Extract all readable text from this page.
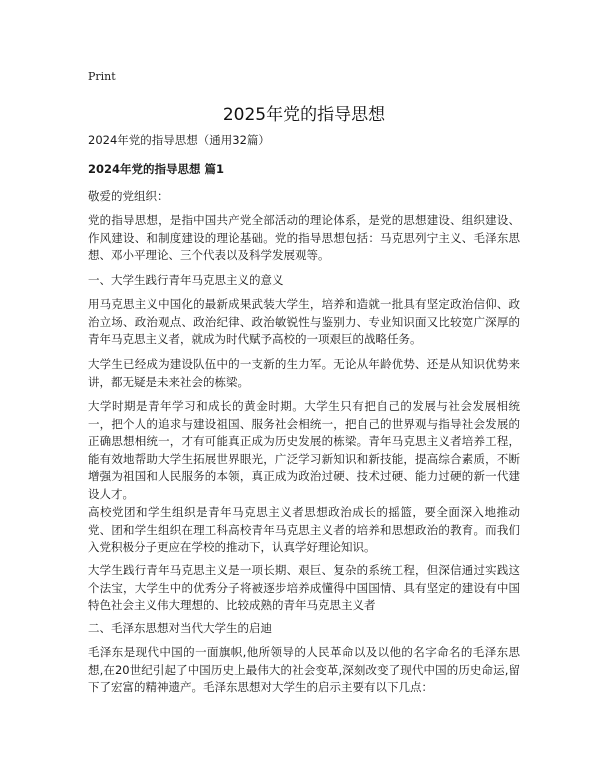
Print
2025年党的指导思想
2024年党的指导思想（通用32篇）
2024年党的指导思想 篇1
敬爱的党组织：
党的指导思想，是指中国共产党全部活动的理论体系，是党的思想建设、组织建设、作风建设、和制度建设的理论基础。党的指导思想包括：马克思列宁主义、毛泽东思想、邓小平理论、三个代表以及科学发展观等。
一、大学生践行青年马克思主义的意义
用马克思主义中国化的最新成果武装大学生，培养和造就一批具有坚定政治信仰、政治立场、政治观点、政治纪律、政治敏锐性与鉴别力、专业知识面又比较宽广深厚的青年马克思主义者，就成为时代赋予高校的一项艰巨的战略任务。
大学生已经成为建设队伍中的一支新的生力军。无论从年龄优势、还是从知识优势来讲，都无疑是未来社会的栋梁。
大学时期是青年学习和成长的黄金时期。大学生只有把自己的发展与社会发展相统一，把个人的追求与建设祖国、服务社会相统一，把自己的世界观与指导社会发展的正确思想相统一，才有可能真正成为历史发展的栋梁。青年马克思主义者培养工程，能有效地帮助大学生拓展世界眼光，广泛学习新知识和新技能，提高综合素质，不断增强为祖国和人民服务的本领，真正成为政治过硬、技术过硬、能力过硬的新一代建设人才。
高校党团和学生组织是青年马克思主义者思想政治成长的摇篮，要全面深入地推动党、团和学生组织在理工科高校青年马克思主义者的培养和思想政治的教育。而我们入党积极分子更应在学校的推动下，认真学好理论知识。
大学生践行青年马克思主义是一项长期、艰巨、复杂的系统工程，但深信通过实践这个法宝，大学生中的优秀分子将被逐步培养成懂得中国国情、具有坚定的建设有中国特色社会主义伟大理想的、比较成熟的青年马克思主义者
二、毛泽东思想对当代大学生的启迪
毛泽东是现代中国的一面旗帜,他所领导的人民革命以及以他的名字命名的毛泽东思想,在20世纪引起了中国历史上最伟大的社会变革,深刻改变了现代中国的历史命运,留下了宏富的精神遗产。毛泽东思想对大学生的启示主要有以下几点：
